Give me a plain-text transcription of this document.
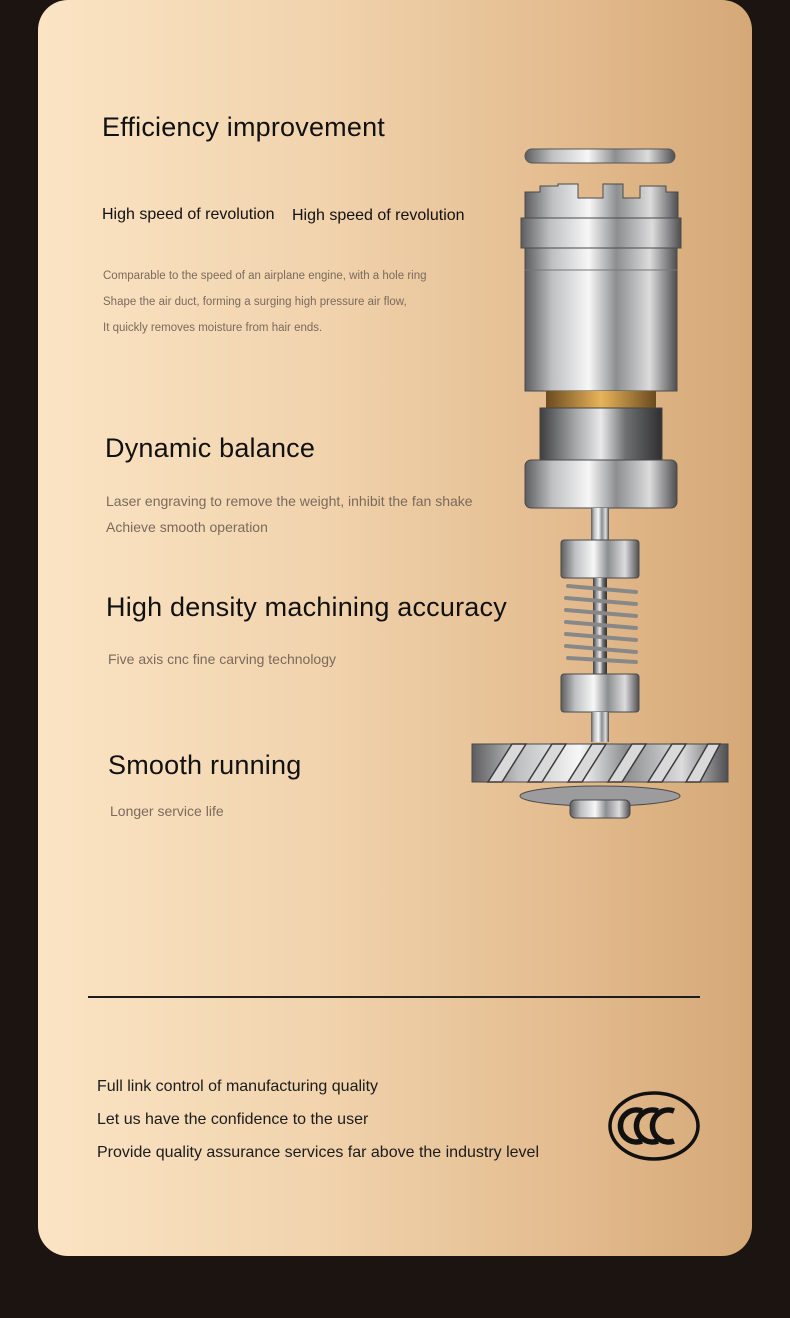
Efficiency improvement
High speed of revolution High speed of revolution
Comparable to the speed of an airplane engine, with a hole ring
Shape the air duct, forming a surging high pressure air flow,
It quickly removes moisture from hair ends.
Dynamic balance
Laser engraving to remove the weight, inhibit the fan shake
Achieve smooth operation
High density machining accuracy
Five axis cnc fine carving technology
Smooth running
Longer service life
Full link control of manufacturing quality
Let us have the confidence to the user
Provide quality assurance services far above the industry level
